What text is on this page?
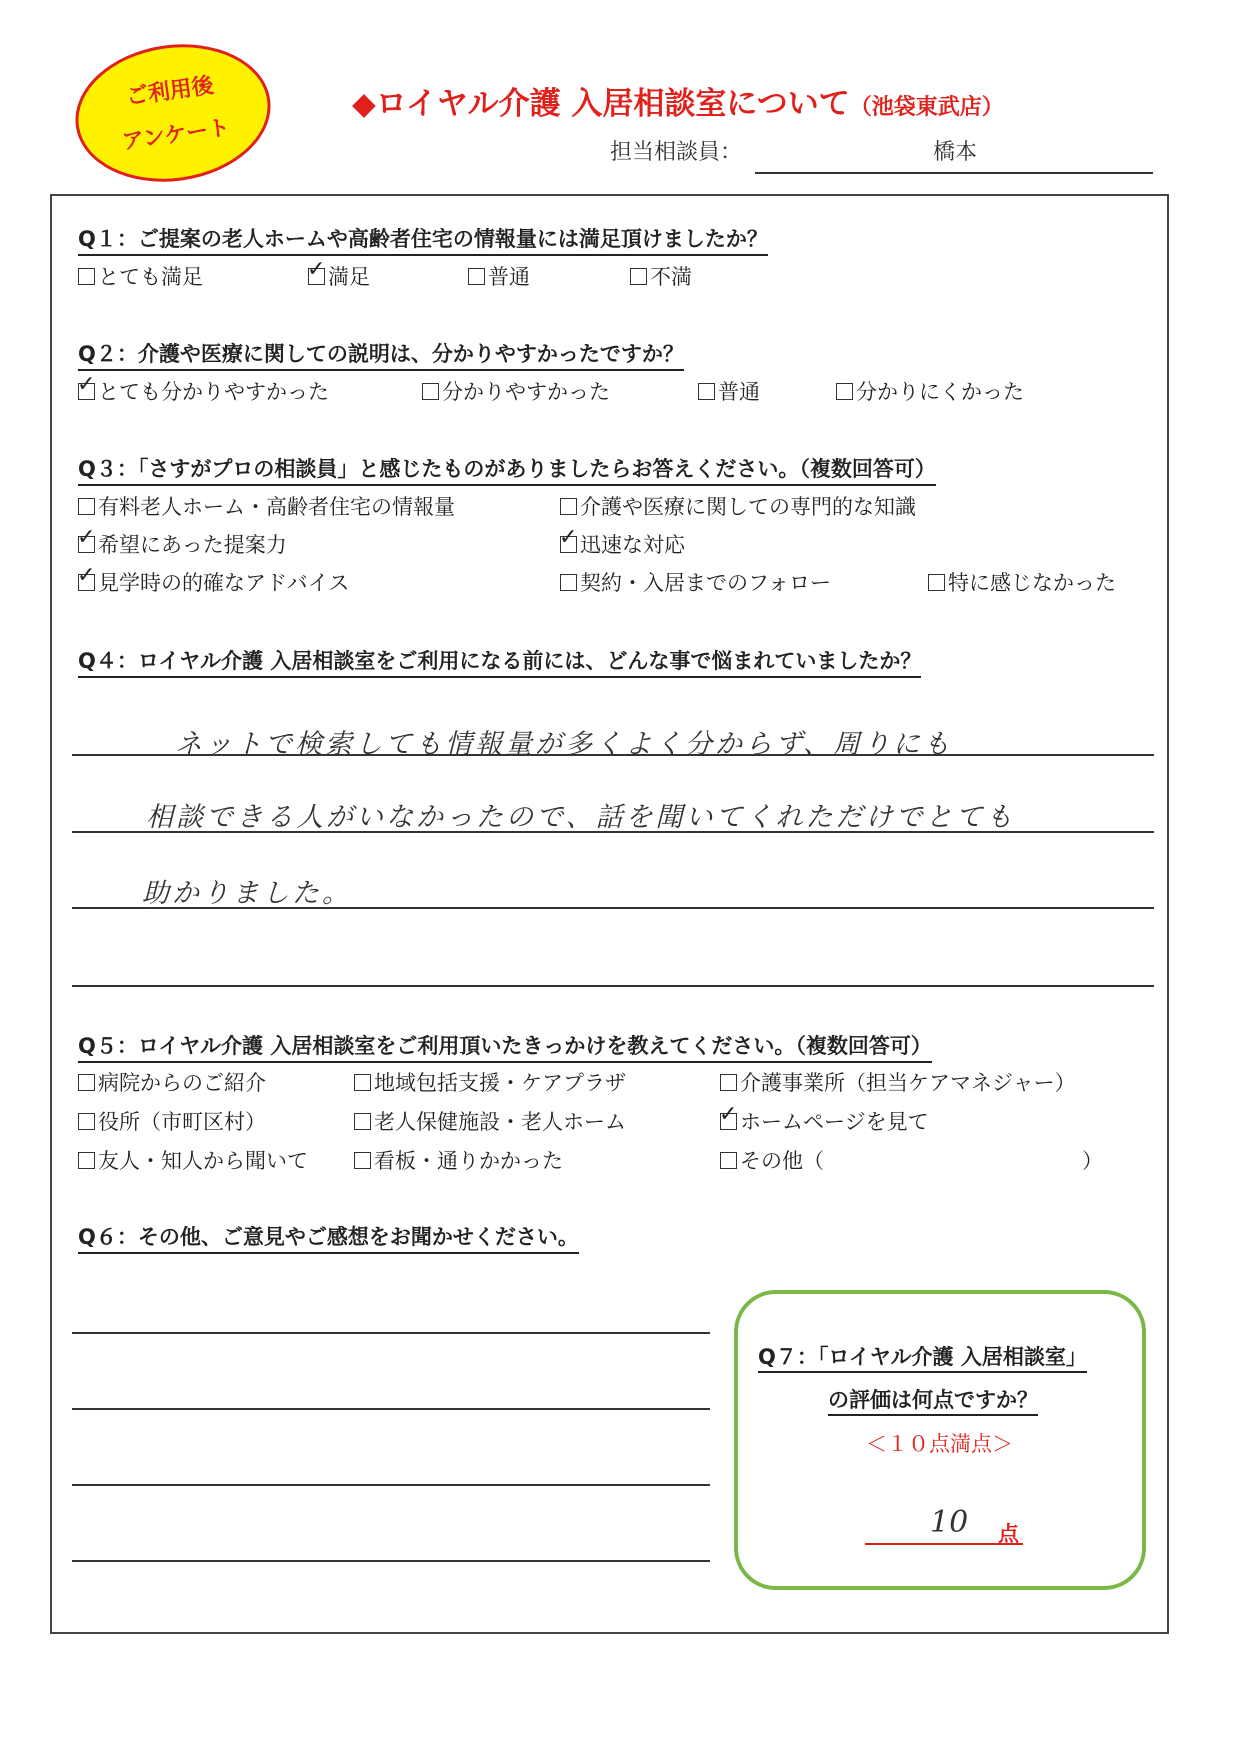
ご利用後
アンケート
◆ロイヤル介護 入居相談室について（池袋東武店）
担当相談員：	橋本
Q１：ご提案の老人ホームや高齢者住宅の情報量には満足頂けましたか？
とても満足	✓ 満足	普通	不満
Q２：介護や医療に関しての説明は、分かりやすかったですか？
✓ とても分かりやすかった	分かりやすかった	普通	分かりにくかった
Q３：「さすがプロの相談員」と感じたものがありましたらお答えください。（複数回答可）
有料老人ホーム・高齢者住宅の情報量	介護や医療に関しての専門的な知識
✓ 希望にあった提案力	✓ 迅速な対応
✓ 見学時の的確なアドバイス	契約・入居までのフォロー	特に感じなかった
Q４：ロイヤル介護 入居相談室をご利用になる前には、どんな事で悩まれていましたか？
ネットで検索しても情報量が多くよく分からず、周りにも
相談できる人がいなかったので、話を聞いてくれただけでとても
助かりました。
Q５：ロイヤル介護 入居相談室をご利用頂いたきっかけを教えてください。（複数回答可）
病院からのご紹介	地域包括支援・ケアプラザ	介護事業所（担当ケアマネジャー）
役所（市町区村）	老人保健施設・老人ホーム	✓ ホームページを見て
友人・知人から聞いて	看板・通りかかった	その他（	）
Q６：その他、ご意見やご感想をお聞かせください。
Q７：「ロイヤル介護 入居相談室」
の評価は何点ですか？
＜１０点満点＞
10 点
